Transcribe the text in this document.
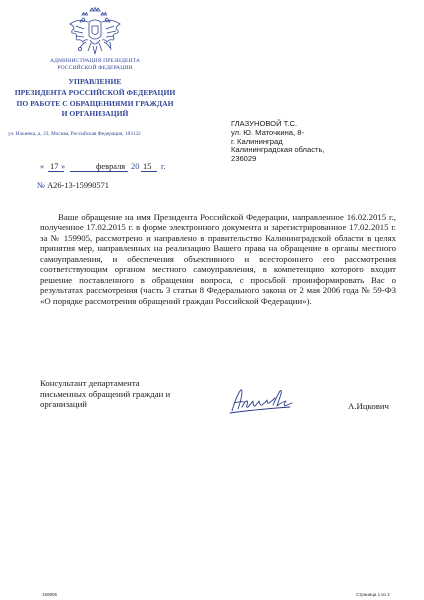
АДМИНИСТРАЦИЯ ПРЕЗИДЕНТА
РОССИЙСКОЙ ФЕДЕРАЦИИ
УПРАВЛЕНИЕ
ПРЕЗИДЕНТА РОССИЙСКОЙ ФЕДЕРАЦИИ
ПО РАБОТЕ С ОБРАЩЕНИЯМИ ГРАЖДАН
И ОРГАНИЗАЦИЙ
ул. Ильинка, д. 23, Москва, Российская Федерация, 103132
ГЛАЗУНОВОЙ Т.С.
ул. Ю. Маточкина, 8-
г. Калининград
Калининградская область,
236029
« 17 »	февраля 20 15 г.
№ А26-13-15990571

Ваше обращение на имя Президента Российской Федерации, направленное 16.02.2015 г., полученное 17.02.2015 г. в форме электронного документа и зарегистрированное 17.02.2015 г. за № 159905, рассмотрено и направлено в правительство Калининградской области в целях принятия мер, направленных на реализацию Вашего права на обращение в органы местного самоуправления, и обеспечения объективного и всестороннего его рассмотрения соответствующим органом местного самоуправления, в компетенцию которого входит решение поставленного в обращении вопроса, с просьбой проинформировать Вас о результатах рассмотрения (часть 3 статьи 8 Федерального закона от 2 мая 2006 года № 59-ФЗ «О порядке рассмотрения обращений граждан Российской Федерации»).

Консультант департамента
письменных обращений граждан и
организаций	А.Ицкович
159905	Страница 1 из 2
